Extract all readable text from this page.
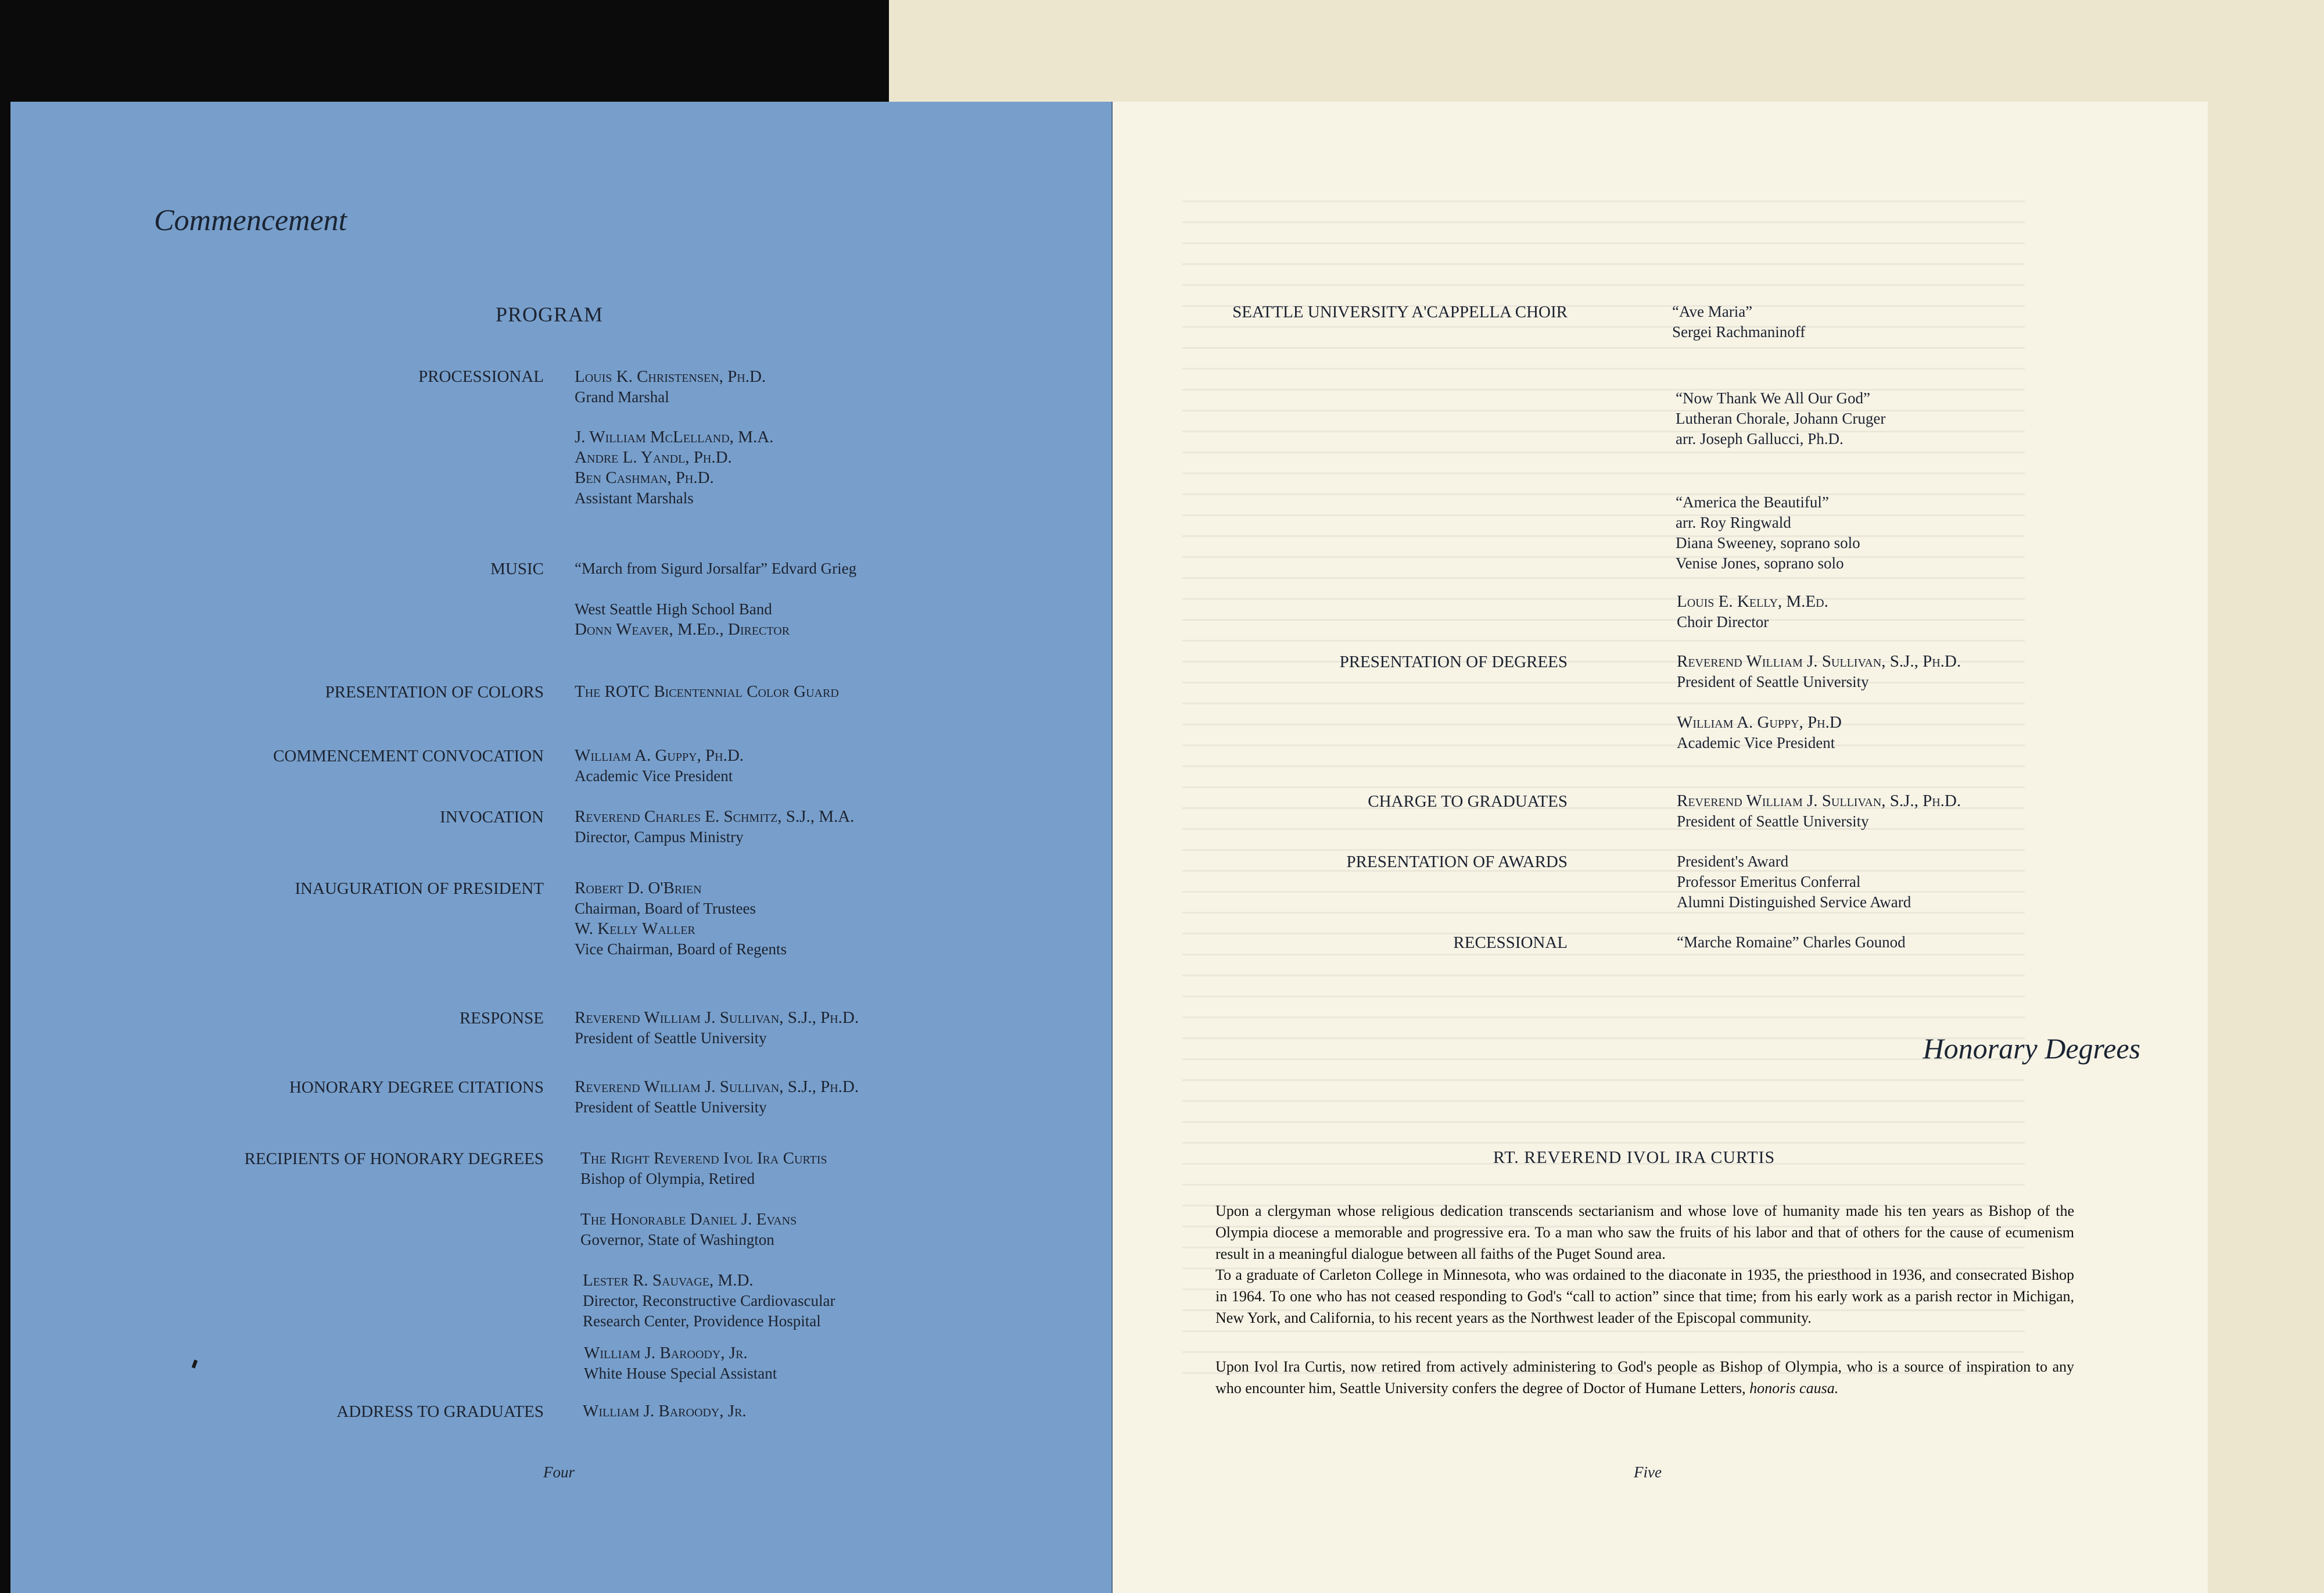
Commencement
PROGRAM
PROCESSIONAL Louis K. Christensen, Ph.D.
Grand Marshal
J. William McLelland, M.A.
Andre L. Yandl, Ph.D.
Ben Cashman, Ph.D.
Assistant Marshals
MUSIC “March from Sigurd Jorsalfar” Edvard Grieg
West Seattle High School Band
Donn Weaver, M.Ed., Director
PRESENTATION OF COLORS The ROTC Bicentennial Color Guard
COMMENCEMENT CONVOCATION William A. Guppy, Ph.D.
Academic Vice President
INVOCATION Reverend Charles E. Schmitz, S.J., M.A.
Director, Campus Ministry
INAUGURATION OF PRESIDENT Robert D. O'Brien
Chairman, Board of Trustees
W. Kelly Waller
Vice Chairman, Board of Regents
RESPONSE Reverend William J. Sullivan, S.J., Ph.D.
President of Seattle University
HONORARY DEGREE CITATIONS Reverend William J. Sullivan, S.J., Ph.D.
President of Seattle University
RECIPIENTS OF HONORARY DEGREES The Right Reverend Ivol Ira Curtis
Bishop of Olympia, Retired
The Honorable Daniel J. Evans
Governor, State of Washington
Lester R. Sauvage, M.D.
Director, Reconstructive Cardiovascular
Research Center, Providence Hospital
William J. Baroody, Jr.
White House Special Assistant
ADDRESS TO GRADUATES William J. Baroody, Jr.
Four
SEATTLE UNIVERSITY A'CAPPELLA CHOIR	“Ave Maria”
Sergei Rachmaninoff
“Now Thank We All Our God”
Lutheran Chorale, Johann Cruger
arr. Joseph Gallucci, Ph.D.
“America the Beautiful”
arr. Roy Ringwald
Diana Sweeney, soprano solo
Venise Jones, soprano solo
Louis E. Kelly, M.Ed.
Choir Director
PRESENTATION OF DEGREES	Reverend William J. Sullivan, S.J., Ph.D.
President of Seattle University
William A. Guppy, Ph.D
Academic Vice President
CHARGE TO GRADUATES	Reverend William J. Sullivan, S.J., Ph.D.
President of Seattle University
PRESENTATION OF AWARDS	President's Award
Professor Emeritus Conferral
Alumni Distinguished Service Award
RECESSIONAL	“Marche Romaine” Charles Gounod
Honorary Degrees
RT. REVEREND IVOL IRA CURTIS
Upon a clergyman whose religious dedication transcends sectarianism and whose love of humanity made his ten years as Bishop of the Olympia diocese a memorable and progressive era. To a man who saw the fruits of his labor and that of others for the cause of ecumenism result in a meaningful dialogue between all faiths of the Puget Sound area.
To a graduate of Carleton College in Minnesota, who was ordained to the diaconate in 1935, the priesthood in 1936, and consecrated Bishop in 1964. To one who has not ceased responding to God's “call to action” since that time; from his early work as a parish rector in Michigan, New York, and California, to his recent years as the Northwest leader of the Episcopal community.
Upon Ivol Ira Curtis, now retired from actively administering to God's people as Bishop of Olympia, who is a source of inspiration to any who encounter him, Seattle University confers the degree of Doctor of Humane Letters, honoris causa.
Five
